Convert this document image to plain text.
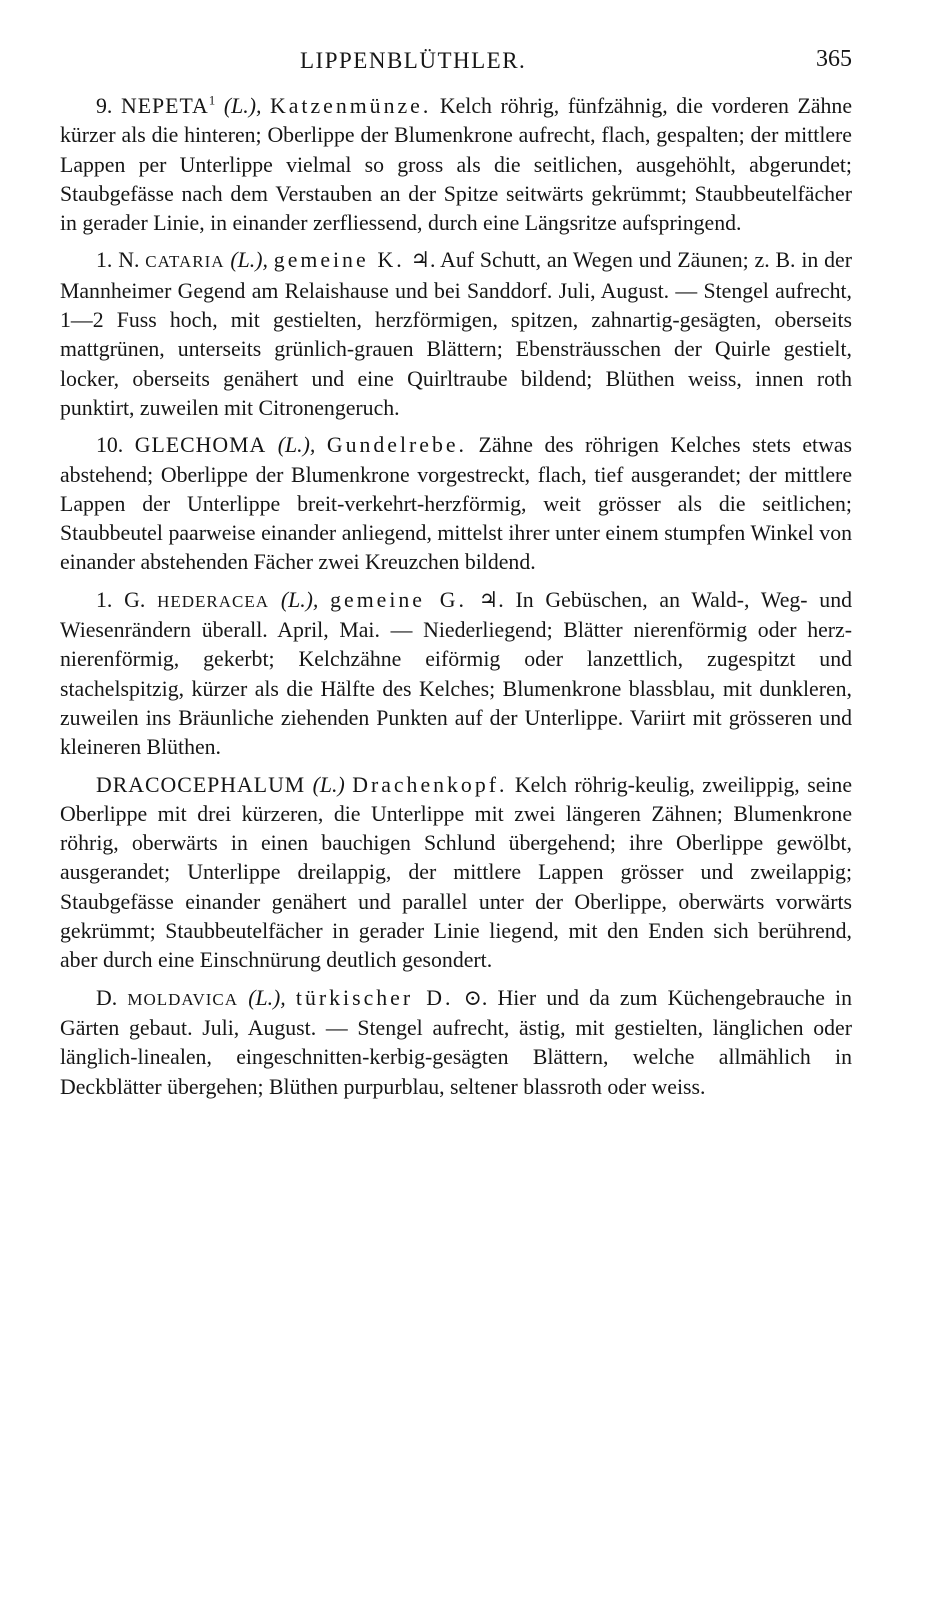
LIPPENBLÜTHLER.	365

9. NEPETA$^1$ (L.), Katzenmünze. Kelch röhrig, fünfzähnig, die vorderen Zähne kürzer als die hinteren; Oberlippe der Blumenkrone aufrecht, flach, gespalten; der mittlere Lappen per Unterlippe vielmal so gross als die seitlichen, ausgehöhlt, abgerundet; Staubgefässe nach dem Verstauben an der Spitze seitwärts gekrümmt; Staubbeutelfächer in gerader Linie, in einander zerfliessend, durch eine Längsritze aufspringend.

1. N. CATARIA (L.), gemeine K. ♃. Auf Schutt, an Wegen und Zäunen; z. B. in der Mannheimer Gegend am Relaishause und bei Sanddorf. Juli, August. — Stengel aufrecht, 1—2 Fuss hoch, mit gestielten, herzförmigen, spitzen, zahnartig-gesägten, oberseits mattgrünen, unterseits grünlich-grauen Blättern; Ebensträusschen der Quirle gestielt, locker, oberseits genähert und eine Quirltraube bildend; Blüthen weiss, innen roth punktirt, zuweilen mit Citronengeruch.

10. GLECHOMA (L.), Gundelrebe. Zähne des röhrigen Kelches stets etwas abstehend; Oberlippe der Blumenkrone vorgestreckt, flach, tief ausgerandet; der mittlere Lappen der Unterlippe breit-verkehrt-herzförmig, weit grösser als die seitlichen; Staubbeutel paarweise einander anliegend, mittelst ihrer unter einem stumpfen Winkel von einander abstehenden Fächer zwei Kreuzchen bildend.

1. G. HEDERACEA (L.), gemeine G. ♃. In Gebüschen, an Wald-, Weg- und Wiesenrändern überall. April, Mai. — Niederliegend; Blätter nierenförmig oder herz-nierenförmig, gekerbt; Kelchzähne eiförmig oder lanzettlich, zugespitzt und stachelspitzig, kürzer als die Hälfte des Kelches; Blumenkrone blassblau, mit dunkleren, zuweilen ins Bräunliche ziehenden Punkten auf der Unterlippe. Variirt mit grösseren und kleineren Blüthen.

DRACOCEPHALUM (L.) Drachenkopf. Kelch röhrig-keulig, zweilippig, seine Oberlippe mit drei kürzeren, die Unterlippe mit zwei längeren Zähnen; Blumenkrone röhrig, oberwärts in einen bauchigen Schlund übergehend; ihre Oberlippe gewölbt, ausgerandet; Unterlippe dreilappig, der mittlere Lappen grösser und zweilappig; Staubgefässe einander genähert und parallel unter der Oberlippe, oberwärts vorwärts gekrümmt; Staubbeutelfächer in gerader Linie liegend, mit den Enden sich berührend, aber durch eine Einschnürung deutlich gesondert.

D. MOLDAVICA (L.), türkischer D. ⊙. Hier und da zum Küchengebrauche in Gärten gebaut. Juli, August. — Stengel aufrecht, ästig, mit gestielten, länglichen oder länglich-linealen, eingeschnitten-kerbig-gesägten Blättern, welche allmählich in Deckblätter übergehen; Blüthen purpurblau, seltener blassroth oder weiss.
